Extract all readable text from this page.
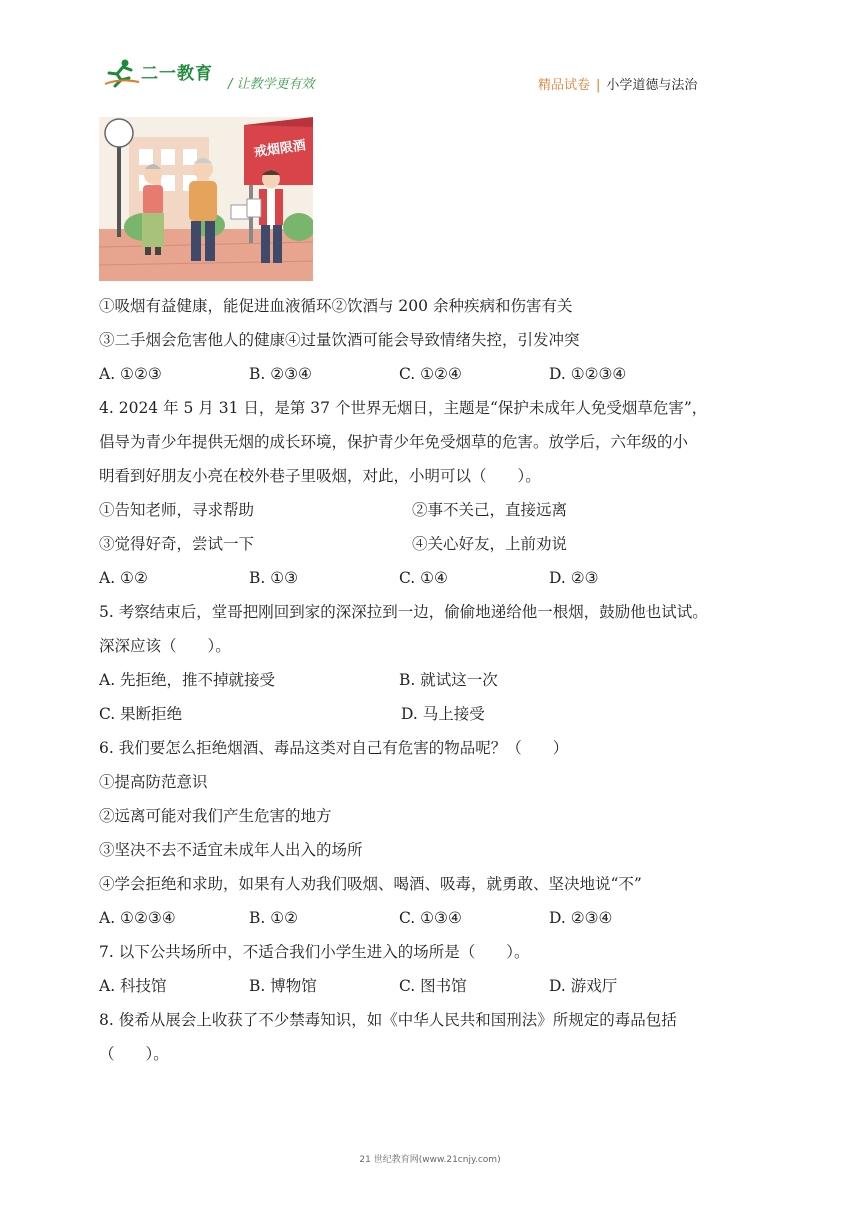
二一教育
/ 让教学更有效	精品试卷 | 小学道德与法治
戒烟限酒
①吸烟有益健康，能促进血液循环②饮酒与 200 余种疾病和伤害有关
③二手烟会危害他人的健康④过量饮酒可能会导致情绪失控，引发冲突
A. ①②③	B. ②③④	C. ①②④	D. ①②③④
4. 2024 年 5 月 31 日，是第 37 个世界无烟日，主题是“保护未成年人免受烟草危害”，
倡导为青少年提供无烟的成长环境，保护青少年免受烟草的危害。放学后，六年级的小
明看到好朋友小亮在校外巷子里吸烟，对此，小明可以（　　）。
①告知老师，寻求帮助	②事不关己，直接远离
③觉得好奇，尝试一下	④关心好友，上前劝说
A. ①②	B. ①③	C. ①④	D. ②③
5. 考察结束后，堂哥把刚回到家的深深拉到一边，偷偷地递给他一根烟，鼓励他也试试。
深深应该（　　）。
A. 先拒绝，推不掉就接受	B. 就试这一次
C. 果断拒绝	D. 马上接受
6. 我们要怎么拒绝烟酒、毒品这类对自己有危害的物品呢？（　　）
①提高防范意识
②远离可能对我们产生危害的地方
③坚决不去不适宜未成年人出入的场所
④学会拒绝和求助，如果有人劝我们吸烟、喝酒、吸毒，就勇敢、坚决地说“不”
A. ①②③④	B. ①②	C. ①③④	D. ②③④
7. 以下公共场所中，不适合我们小学生进入的场所是（　　）。
A. 科技馆	B. 博物馆	C. 图书馆	D. 游戏厅
8. 俊希从展会上收获了不少禁毒知识，如《中华人民共和国刑法》所规定的毒品包括
（　　）。
21 世纪教育网(www.21cnjy.com)
